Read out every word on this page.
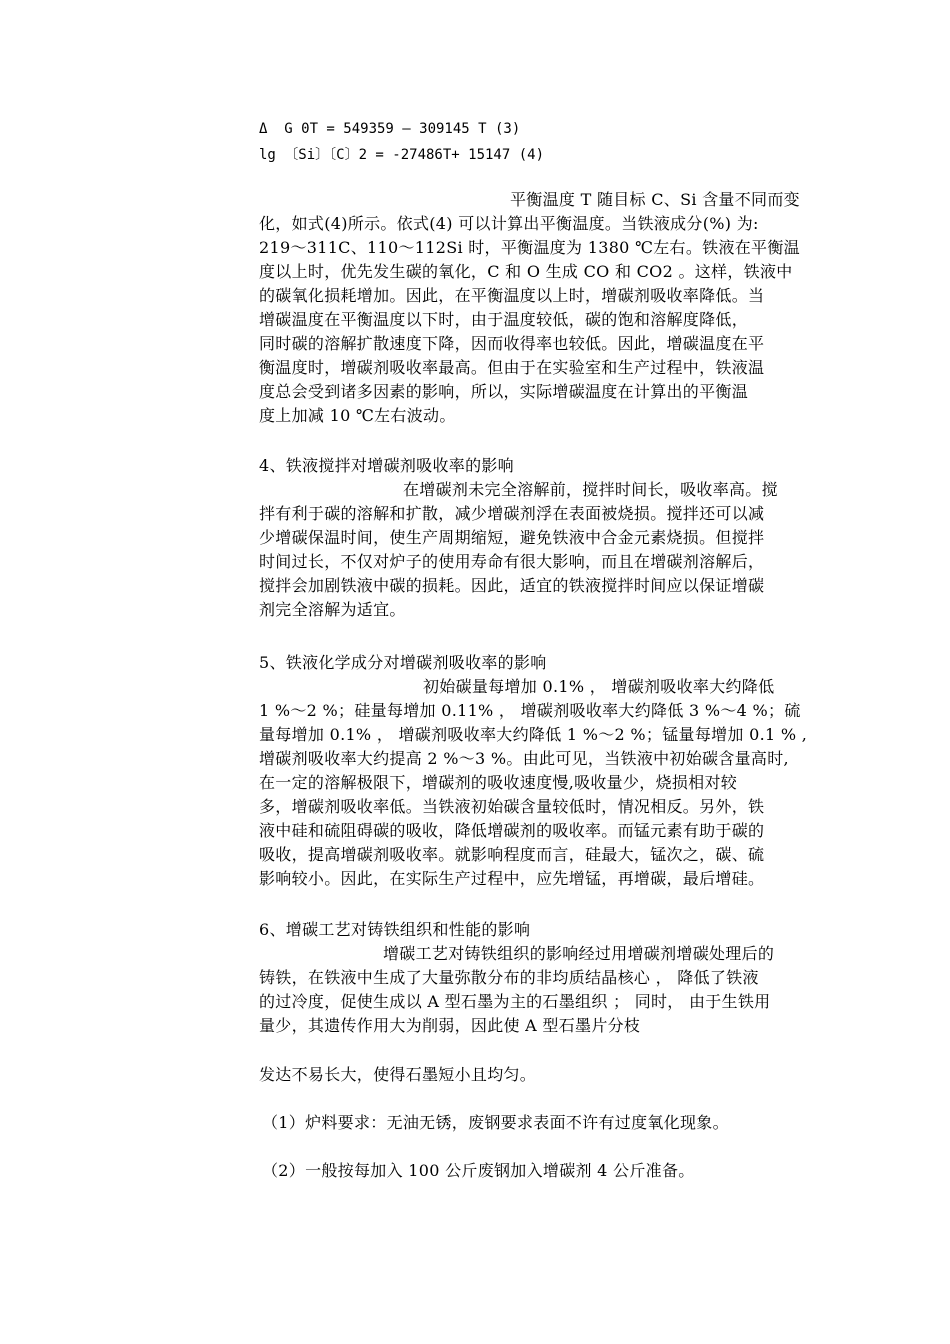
Δ  G 0T = 549359 – 309145 T (3)
lg 〔Si〕〔C〕2 = -27486T+ 15147 (4)
平衡温度 T 随目标 C、Si 含量不同而变
化，如式(4)所示。依式(4) 可以计算出平衡温度。当铁液成分(%) 为:
219～311C、110～112Si 时，平衡温度为 1380 ℃左右。铁液在平衡温
度以上时，优先发生碳的氧化，C 和 O 生成 CO 和 CO2 。这样，铁液中
的碳氧化损耗增加。因此，在平衡温度以上时，增碳剂吸收率降低。当
增碳温度在平衡温度以下时，由于温度较低，碳的饱和溶解度降低，
同时碳的溶解扩散速度下降，因而收得率也较低。因此，增碳温度在平
衡温度时，增碳剂吸收率最高。但由于在实验室和生产过程中，铁液温
度总会受到诸多因素的影响，所以，实际增碳温度在计算出的平衡温
度上加减 10 ℃左右波动。
4、铁液搅拌对增碳剂吸收率的影响
在增碳剂未完全溶解前，搅拌时间长，吸收率高。搅
拌有利于碳的溶解和扩散，减少增碳剂浮在表面被烧损。搅拌还可以减
少增碳保温时间，使生产周期缩短，避免铁液中合金元素烧损。但搅拌
时间过长，不仅对炉子的使用寿命有很大影响，而且在增碳剂溶解后，
搅拌会加剧铁液中碳的损耗。因此，适宜的铁液搅拌时间应以保证增碳
剂完全溶解为适宜。
5、铁液化学成分对增碳剂吸收率的影响
初始碳量每增加 0.1% ， 增碳剂吸收率大约降低
1 %～2 %；硅量每增加 0.11% ， 增碳剂吸收率大约降低 3 %～4 %；硫
量每增加 0.1% ， 增碳剂吸收率大约降低 1 %～2 %；锰量每增加 0.1 % ,
增碳剂吸收率大约提高 2 %～3 %。由此可见，当铁液中初始碳含量高时,
在一定的溶解极限下，增碳剂的吸收速度慢,吸收量少，烧损相对较
多，增碳剂吸收率低。当铁液初始碳含量较低时，情况相反。另外，铁
液中硅和硫阻碍碳的吸收，降低增碳剂的吸收率。而锰元素有助于碳的
吸收，提高增碳剂吸收率。就影响程度而言，硅最大，锰次之，碳、硫
影响较小。因此，在实际生产过程中，应先增锰，再增碳，最后增硅。
6、增碳工艺对铸铁组织和性能的影响
增碳工艺对铸铁组织的影响经过用增碳剂增碳处理后的
铸铁，在铁液中生成了大量弥散分布的非均质结晶核心 ， 降低了铁液
的过冷度，促使生成以 A 型石墨为主的石墨组织 ； 同时， 由于生铁用
量少，其遗传作用大为削弱，因此使 A 型石墨片分枝
发达不易长大，使得石墨短小且均匀。
（1）炉料要求：无油无锈，废钢要求表面不许有过度氧化现象。
（2）一般按每加入 100 公斤废钢加入增碳剂 4 公斤准备。
